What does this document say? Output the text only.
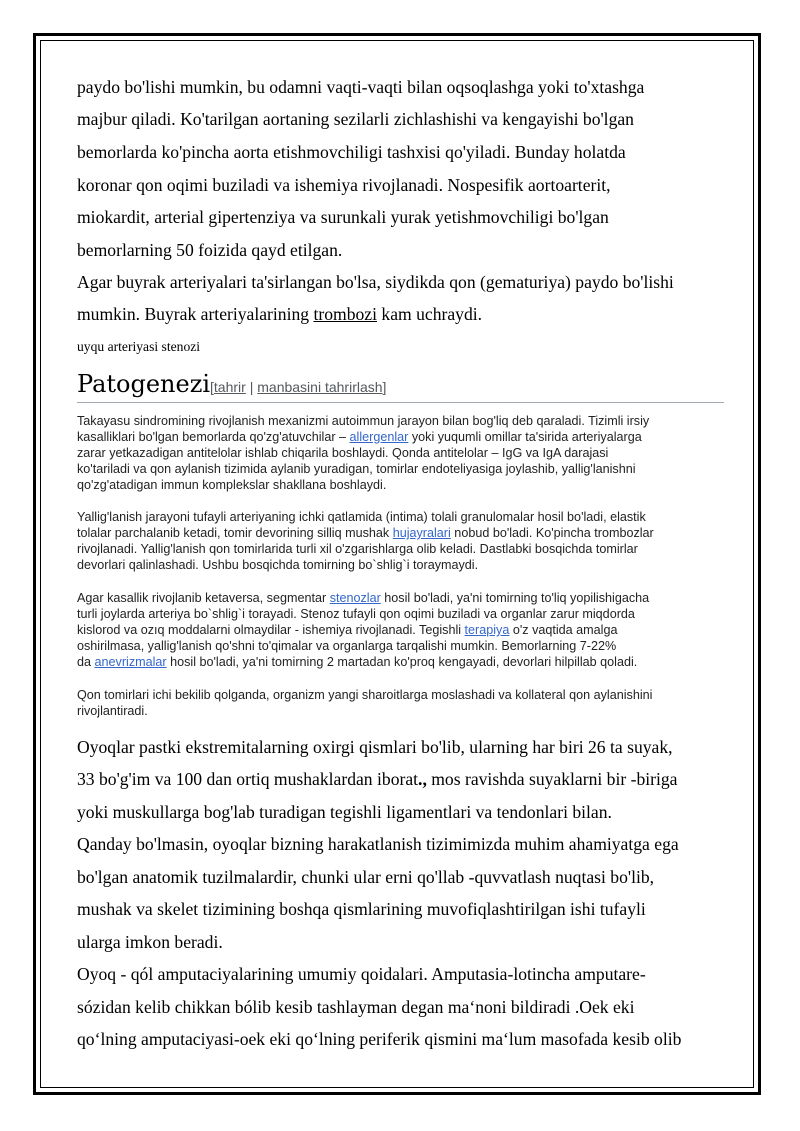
paydo bo'lishi mumkin, bu odamni vaqti-vaqti bilan oqsoqlashga yoki to'xtashga
majbur qiladi. Ko'tarilgan aortaning sezilarli zichlashishi va kengayishi bo'lgan
bemorlarda ko'pincha aorta etishmovchiligi tashxisi qo'yiladi. Bunday holatda
koronar qon oqimi buziladi va ishemiya rivojlanadi. Nospesifik aortoarterit,
miokardit, arterial gipertenziya va surunkali yurak yetishmovchiligi bo'lgan
bemorlarning 50 foizida qayd etilgan.
Agar buyrak arteriyalari ta'sirlangan bo'lsa, siydikda qon (gematuriya) paydo bo'lishi
mumkin. Buyrak arteriyalarining trombozi kam uchraydi.
uyqu arteriyasi stenozi
Patogenezi[tahrir | manbasini tahrirlash]
Takayasu sindromining rivojlanish mexanizmi autoimmun jarayon bilan bog'liq deb qaraladi. Tizimli irsiy
kasalliklari bo'lgan bemorlarda qo'zg'atuvchilar – allergenlar yoki yuqumli omillar ta'sirida arteriyalarga
zarar yetkazadigan antitelolar ishlab chiqarila boshlaydi. Qonda antitelolar – IgG va IgA darajasi
ko'tariladi va qon aylanish tizimida aylanib yuradigan, tomirlar endoteliyasiga joylashib, yallig'lanishni
qo'zg'atadigan immun komplekslar shakllana boshlaydi.
Yallig'lanish jarayoni tufayli arteriyaning ichki qatlamida (intima) tolali granulomalar hosil bo'ladi, elastik
tolalar parchalanib ketadi, tomir devorining silliq mushak hujayralari nobud bo'ladi. Ko'pincha trombozlar
rivojlanadi. Yallig'lanish qon tomirlarida turli xil o'zgarishlarga olib keladi. Dastlabki bosqichda tomirlar
devorlari qalinlashadi. Ushbu bosqichda tomirning bo`shlig`i toraymaydi.
Agar kasallik rivojlanib ketaversa, segmentar stenozlar hosil bo'ladi, ya'ni tomirning to'liq yopilishigacha
turli joylarda arteriya bo`shlig`i torayadi. Stenoz tufayli qon oqimi buziladi va organlar zarur miqdorda
kislorod va ozıq moddalarni olmaydilar - ishemiya rivojlanadi. Tegishli terapiya o'z vaqtida amalga
oshirilmasa, yallig'lanish qo'shni to'qimalar va organlarga tarqalishi mumkin. Bemorlarning 7-22%
da anevrizmalar hosil bo'ladi, ya'ni tomirning 2 martadan ko'proq kengayadi, devorlari hilpillab qoladi.
Qon tomirlari ichi bekilib qolganda, organizm yangi sharoitlarga moslashadi va kollateral qon aylanishini
rivojlantiradi.
Oyoqlar pastki ekstremitalarning oxirgi qismlari bo'lib, ularning har biri 26 ta suyak,
33 bo'g'im va 100 dan ortiq mushaklardan iborat., mos ravishda suyaklarni bir -biriga
yoki muskullarga bog'lab turadigan tegishli ligamentlari va tendonlari bilan.
Qanday bo'lmasin, oyoqlar bizning harakatlanish tizimimizda muhim ahamiyatga ega
bo'lgan anatomik tuzilmalardir, chunki ular erni qo'llab -quvvatlash nuqtasi bo'lib,
mushak va skelet tizimining boshqa qismlarining muvofiqlashtirilgan ishi tufayli
ularga imkon beradi.
Oyoq - qól amputaciyalarining umumiy qoidalari. Amputasia-lotincha amputare-
sózidan kelib chikkan bólib kesib tashlayman degan ma‘noni bildiradi .Oek eki
qo‘lning amputaciyasi-oek eki qo‘lning periferik qismini ma‘lum masofada kesib olib
